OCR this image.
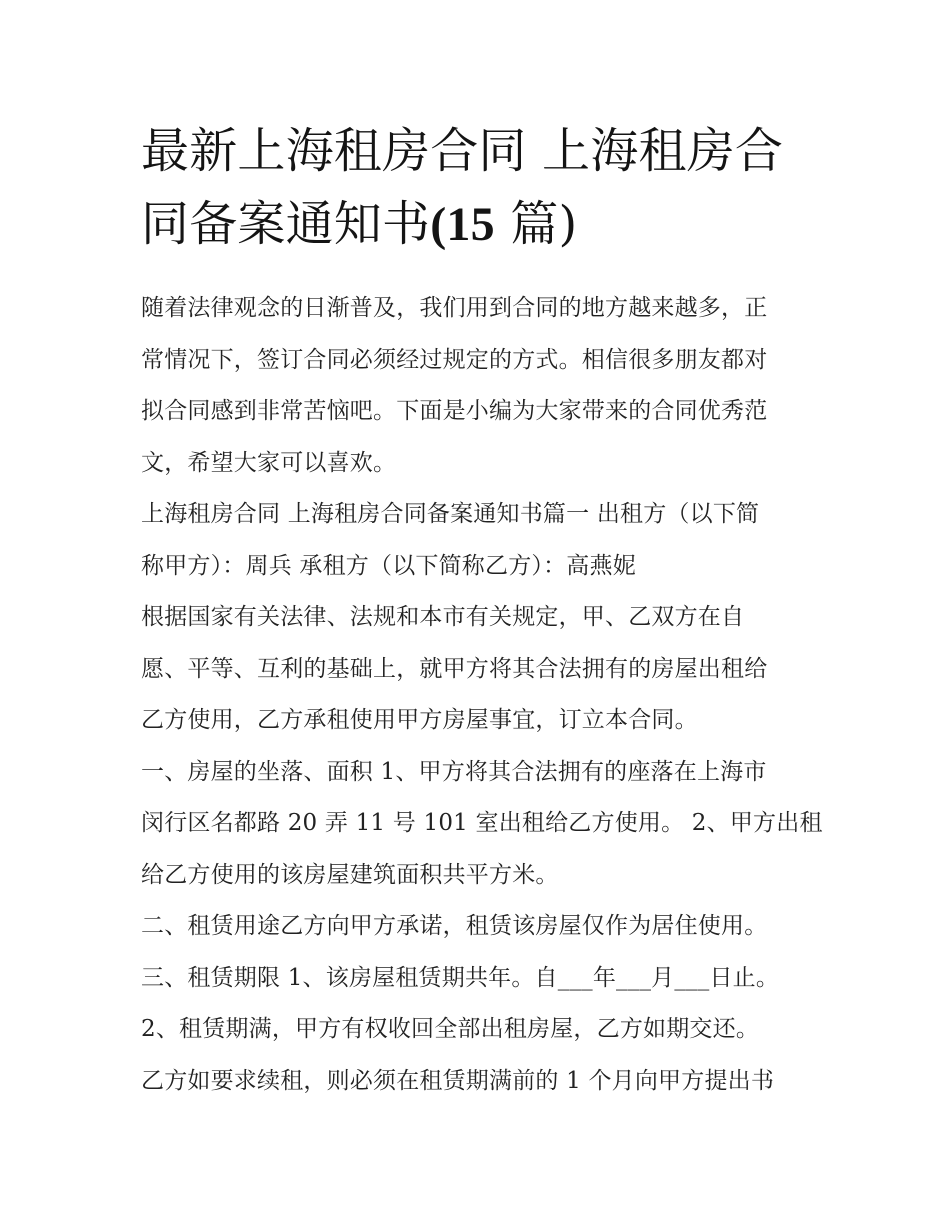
最新上海租房合同 上海租房合
同备案通知书(15 篇)

随着法律观念的日渐普及，我们用到合同的地方越来越多，正
常情况下，签订合同必须经过规定的方式。相信很多朋友都对
拟合同感到非常苦恼吧。下面是小编为大家带来的合同优秀范
文，希望大家可以喜欢。

上海租房合同 上海租房合同备案通知书篇一 出租方（以下简
称甲方）：周兵 承租方（以下简称乙方）：高燕妮

根据国家有关法律、法规和本市有关规定，甲、乙双方在自
愿、平等、互利的基础上，就甲方将其合法拥有的房屋出租给
乙方使用，乙方承租使用甲方房屋事宜，订立本合同。

一、房屋的坐落、面积 1、甲方将其合法拥有的座落在上海市
闵行区名都路 20 弄 11 号 101 室出租给乙方使用。 2、甲方出租
给乙方使用的该房屋建筑面积共平方米。

二、租赁用途乙方向甲方承诺，租赁该房屋仅作为居住使用。

三、租赁期限 1、该房屋租赁期共年。自___年___月___日止。

2、租赁期满，甲方有权收回全部出租房屋，乙方如期交还。

乙方如要求续租，则必须在租赁期满前的 1 个月向甲方提出书
